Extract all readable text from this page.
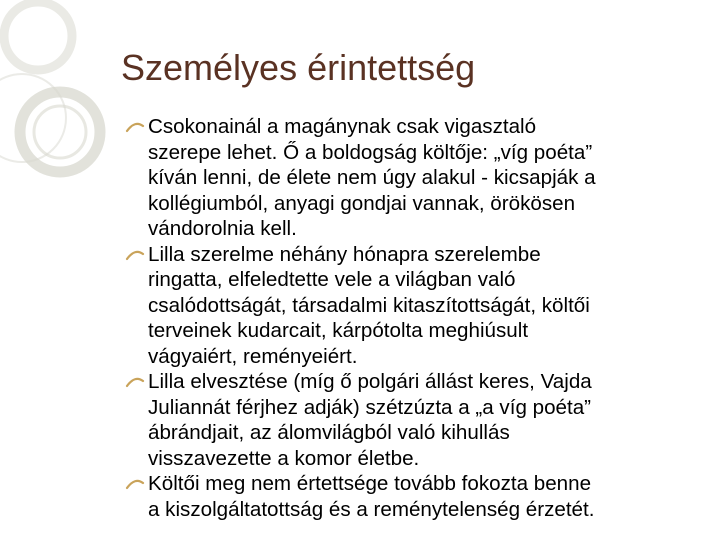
Személyes érintettség
Csokonainál a magánynak csak vigasztaló
szerepe lehet. Ő a boldogság költője: „víg poéta”
kíván lenni, de élete nem úgy alakul - kicsapják a
kollégiumból, anyagi gondjai vannak, örökösen
vándorolnia kell.
Lilla szerelme néhány hónapra szerelembe
ringatta, elfeledtette vele a világban való
csalódottságát, társadalmi kitaszítottságát, költői
terveinek kudarcait, kárpótolta meghiúsult
vágyaiért, reményeiért.
Lilla elvesztése (míg ő polgári állást keres, Vajda
Juliannát férjhez adják) szétzúzta a „a víg poéta”
ábrándjait, az álomvilágból való kihullás
visszavezette a komor életbe.
Költői meg nem értettsége tovább fokozta benne
a kiszolgáltatottság és a reménytelenség érzetét.
